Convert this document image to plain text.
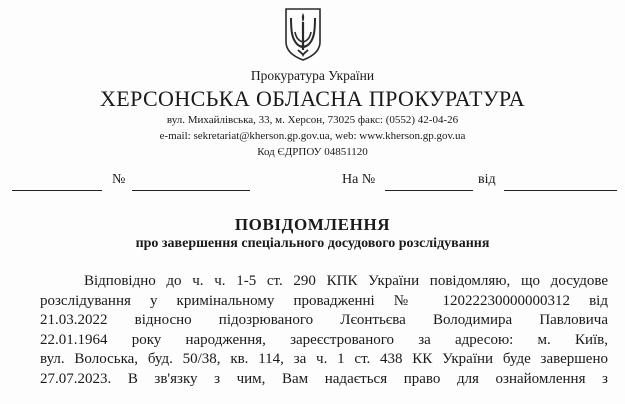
Прокуратура України
ХЕРСОНСЬКА ОБЛАСНА ПРОКУРАТУРА
вул. Михайлівська, 33, м. Херсон, 73025 факс: (0552) 42-04-26
e-mail: sekretariat@kherson.gp.gov.ua, web: www.kherson.gp.gov.ua
Код ЄДРПОУ 04851120
№	На №	від
ПОВІДОМЛЕННЯ
про завершення спеціального досудового розслідування
Відповідно до ч. ч. 1-5 ст. 290 КПК України повідомляю, що досудове
розслідування у кримінальному провадженні № 12022230000000312 від
21.03.2022 відносно підозрюваного Лєонтьєва Володимира Павловича
22.01.1964 року народження, зареєстрованого за адресою: м. Київ,
вул. Волоська, буд. 50/38, кв. 114, за ч. 1 ст. 438 КК України буде завершено
27.07.2023. В зв'язку з чим, Вам надається право для ознайомлення з
